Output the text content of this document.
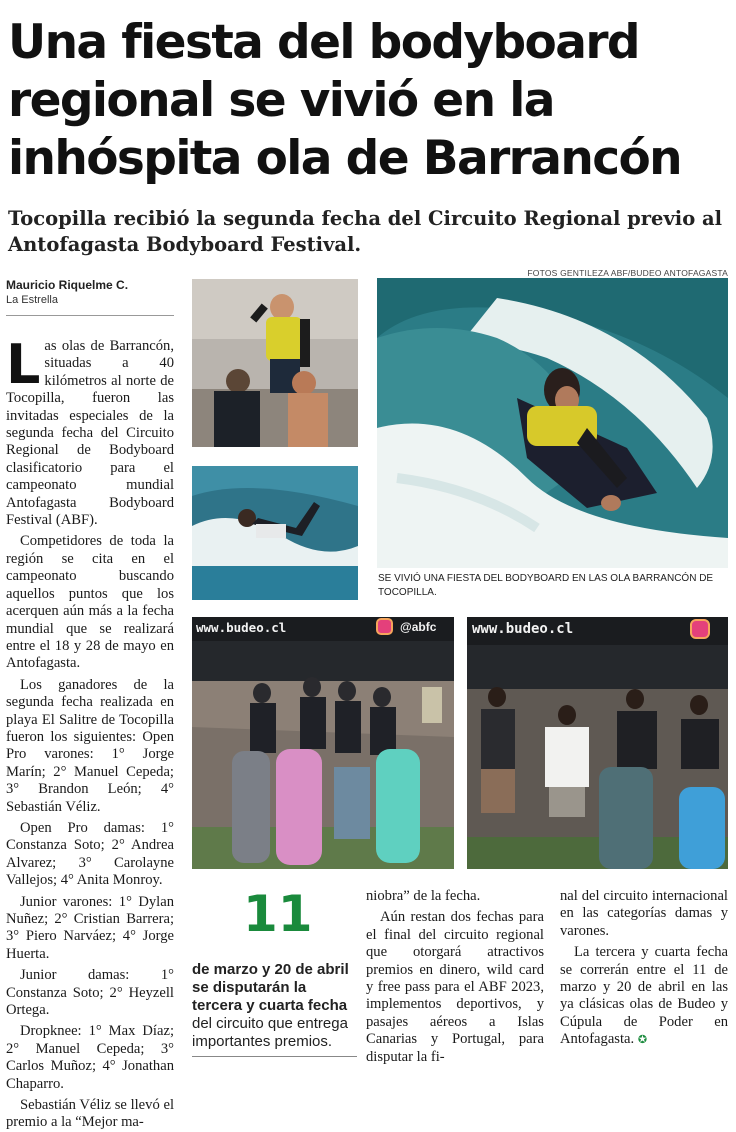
Una fiesta del bodyboard
regional se vivió en la
inhóspita ola de Barrancón
Tocopilla recibió la segunda fecha del Circuito Regional previo al Antofagasta Bodyboard Festival.
Mauricio Riquelme C.
La Estrella
FOTOS GENTILEZA ABF/BUDEO ANTOFAGASTA

Las olas de Barrancón, situadas a 40 kilómetros al norte de Tocopilla, fueron las invitadas especiales de la segunda fecha del Circuito Regional de Bodyboard clasificatorio para el campeonato mundial Antofagasta Bodyboard Festival (ABF).

Competidores de toda la región se cita en el campeonato buscando aquellos puntos que los acerquen aún más a la fecha mundial que se realizará entre el 18 y 28 de mayo en Antofagasta.

Los ganadores de la segunda fecha realizada en playa El Salitre de Tocopilla fueron los siguientes: Open Pro varones: 1° Jorge Marín; 2° Manuel Cepeda; 3° Brandon León; 4° Sebastián Véliz.

Open Pro damas: 1° Constanza Soto; 2° Andrea Alvarez; 3° Carolayne Vallejos; 4° Anita Monroy.

Junior varones: 1° Dylan Nuñez; 2° Cristian Barrera; 3° Piero Narváez; 4° Jorge Huerta.

Junior damas: 1° Constanza Soto; 2° Heyzell Ortega.

Dropknee: 1° Max Díaz; 2° Manuel Cepeda; 3° Carlos Muñoz; 4° Jonathan Chaparro.

Sebastián Véliz se llevó el premio a la “Mejor ma-

SE VIVIÓ UNA FIESTA DEL BODYBOARD EN LAS OLA BARRANCÓN DE TOCOPILLA.
www.budeo.cl	@abfc	www.budeo.cl
11
de marzo y 20 de abril se disputarán la tercera y cuarta fecha del circuito que entrega importantes premios.

niobra” de la fecha.

Aún restan dos fechas para el final del circuito regional que otorgará atractivos premios en dinero, wild card y free pass para el ABF 2023, implementos deportivos, y pasajes aéreos a Islas Canarias y Portugal, para disputar la fi-

nal del circuito internacional en las categorías damas y varones.

La tercera y cuarta fecha se correrán entre el 11 de marzo y 20 de abril en las ya clásicas olas de Budeo y Cúpula de Poder en Antofagasta. ✪
